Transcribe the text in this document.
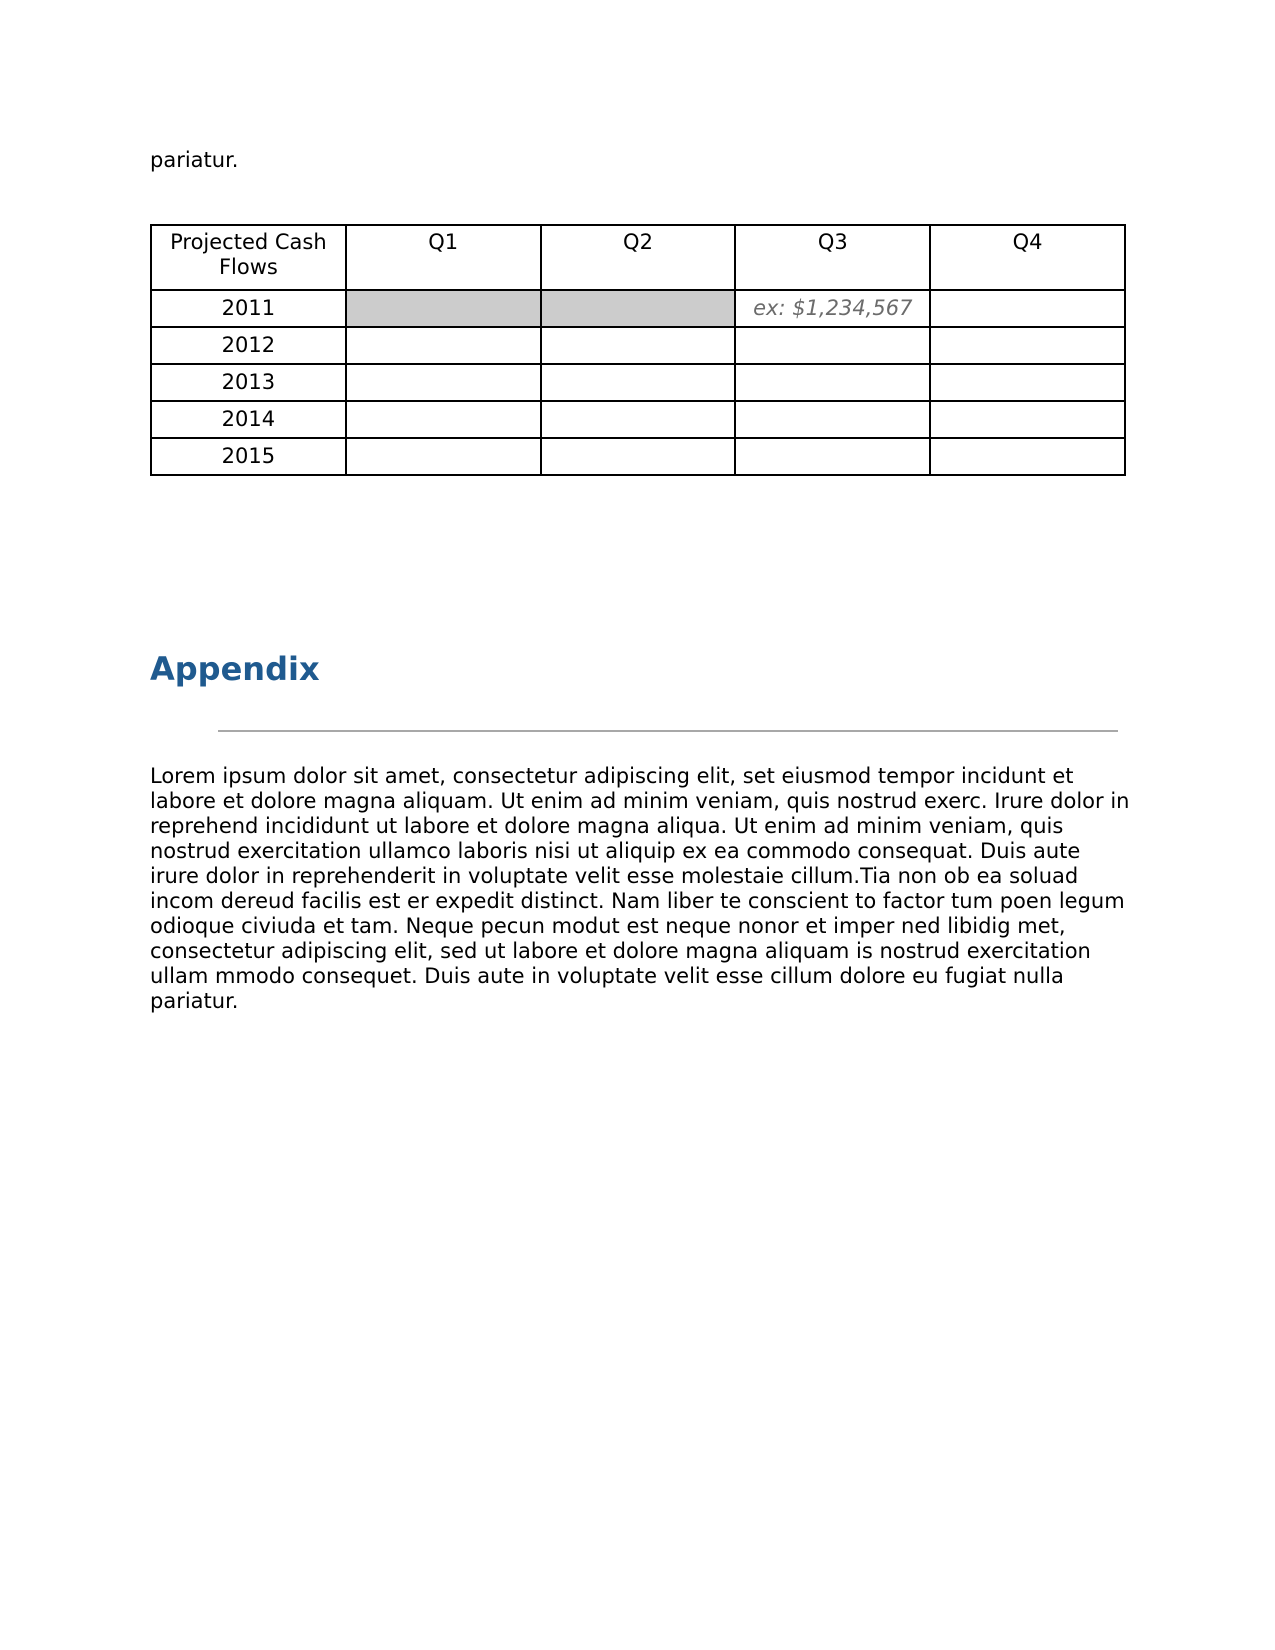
pariatur.

Projected Cash Flows	Q1	Q2	Q3	Q4
2011			ex: $1,234,567	
2012				
2013				
2014				
2015				
Appendix

Lorem ipsum dolor sit amet, consectetur adipiscing elit, set eiusmod tempor incidunt et labore et dolore magna aliquam. Ut enim ad minim veniam, quis nostrud exerc. Irure dolor in reprehend incididunt ut labore et dolore magna aliqua. Ut enim ad minim veniam, quis nostrud exercitation ullamco laboris nisi ut aliquip ex ea commodo consequat. Duis aute irure dolor in reprehenderit in voluptate velit esse molestaie cillum.Tia non ob ea soluad incom dereud facilis est er expedit distinct. Nam liber te conscient to factor tum poen legum odioque civiuda et tam. Neque pecun modut est neque nonor et imper ned libidig met, consectetur adipiscing elit, sed ut labore et dolore magna aliquam is nostrud exercitation ullam mmodo consequet. Duis aute in voluptate velit esse cillum dolore eu fugiat nulla pariatur.
